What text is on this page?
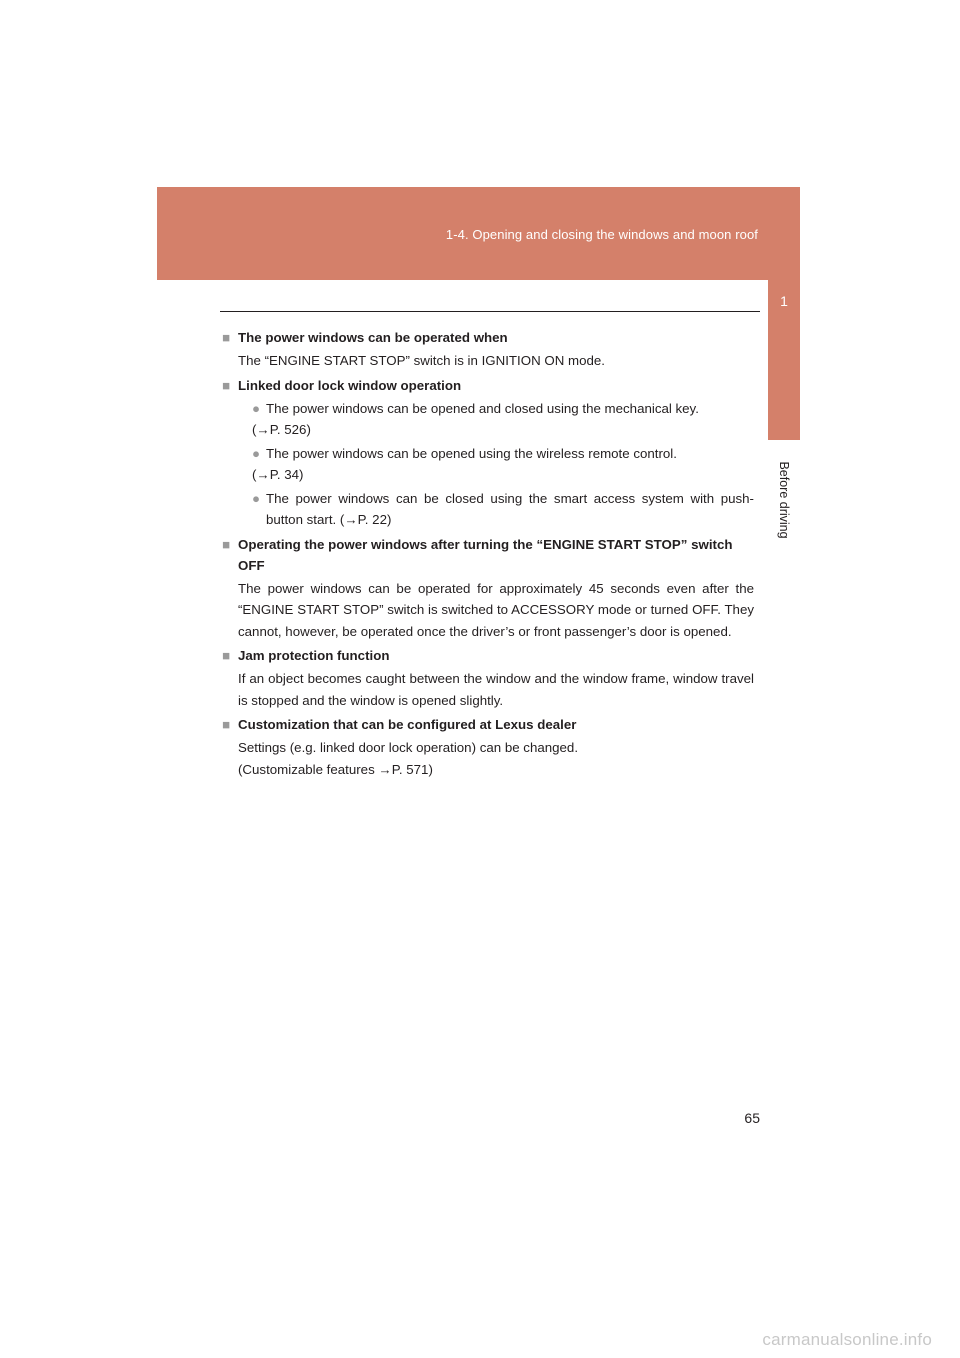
1-4. Opening and closing the windows and moon roof
1
Before driving
■ The power windows can be operated when
The “ENGINE START STOP” switch is in IGNITION ON mode.
■ Linked door lock window operation
● The power windows can be opened and closed using the mechanical key.
(→P. 526)
● The power windows can be opened using the wireless remote control.
(→P. 34)
● The power windows can be closed using the smart access system with push-button start. (→P. 22)
■ Operating the power windows after turning the “ENGINE START STOP” switch OFF
The power windows can be operated for approximately 45 seconds even after the “ENGINE START STOP” switch is switched to ACCESSORY mode or turned OFF. They cannot, however, be operated once the driver’s or front passenger’s door is opened.
■ Jam protection function
If an object becomes caught between the window and the window frame, window travel is stopped and the window is opened slightly.
■ Customization that can be configured at Lexus dealer
Settings (e.g. linked door lock operation) can be changed.
(Customizable features →P. 571)
65
carmanualsonline.info
